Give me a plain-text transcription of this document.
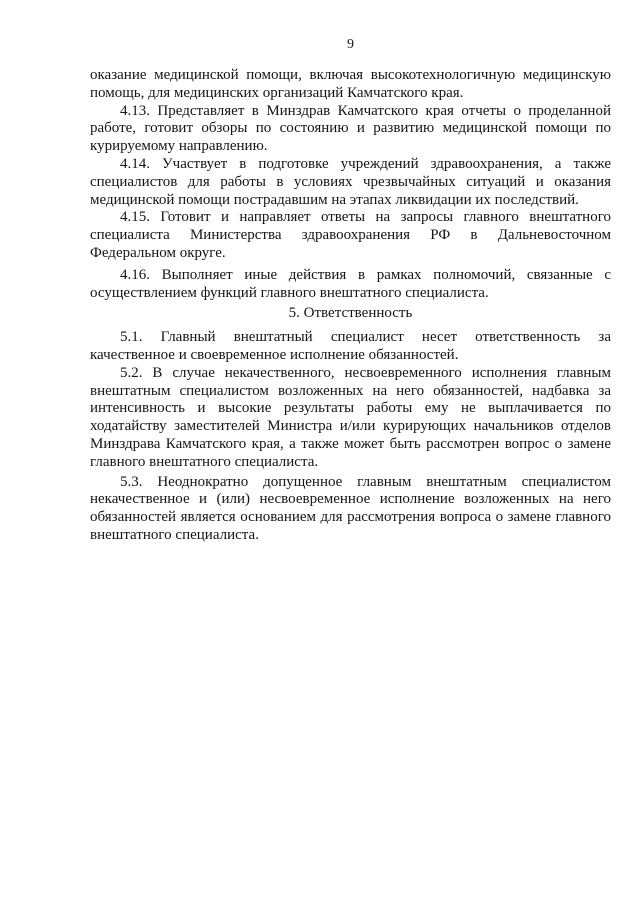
9
оказание медицинской помощи, включая высокотехнологичную медицинскую
помощь, для медицинских организаций Камчатского края.
4.13. Представляет в Минздрав Камчатского края отчеты о проделанной
работе, готовит обзоры по состоянию и развитию медицинской помощи по
курируемому направлению.
4.14. Участвует в подготовке учреждений здравоохранения, а также
специалистов для работы в условиях чрезвычайных ситуаций и оказания
медицинской помощи пострадавшим на этапах ликвидации их последствий.
4.15. Готовит и направляет ответы на запросы главного внештатного
специалиста Министерства здравоохранения РФ в Дальневосточном
Федеральном округе.
4.16. Выполняет иные действия в рамках полномочий, связанные с
осуществлением функций главного внештатного специалиста.
5. Ответственность
5.1. Главный внештатный специалист несет ответственность за
качественное и своевременное исполнение обязанностей.
5.2. В случае некачественного, несвоевременного исполнения главным
внештатным специалистом возложенных на него обязанностей, надбавка за
интенсивность и высокие результаты работы ему не выплачивается по
ходатайству заместителей Министра и/или курирующих начальников отделов
Минздрава Камчатского края, а также может быть рассмотрен вопрос о замене
главного внештатного специалиста.
5.3. Неоднократно допущенное главным внештатным специалистом
некачественное и (или) несвоевременное исполнение возложенных на него
обязанностей является основанием для рассмотрения вопроса о замене главного
внештатного специалиста.
